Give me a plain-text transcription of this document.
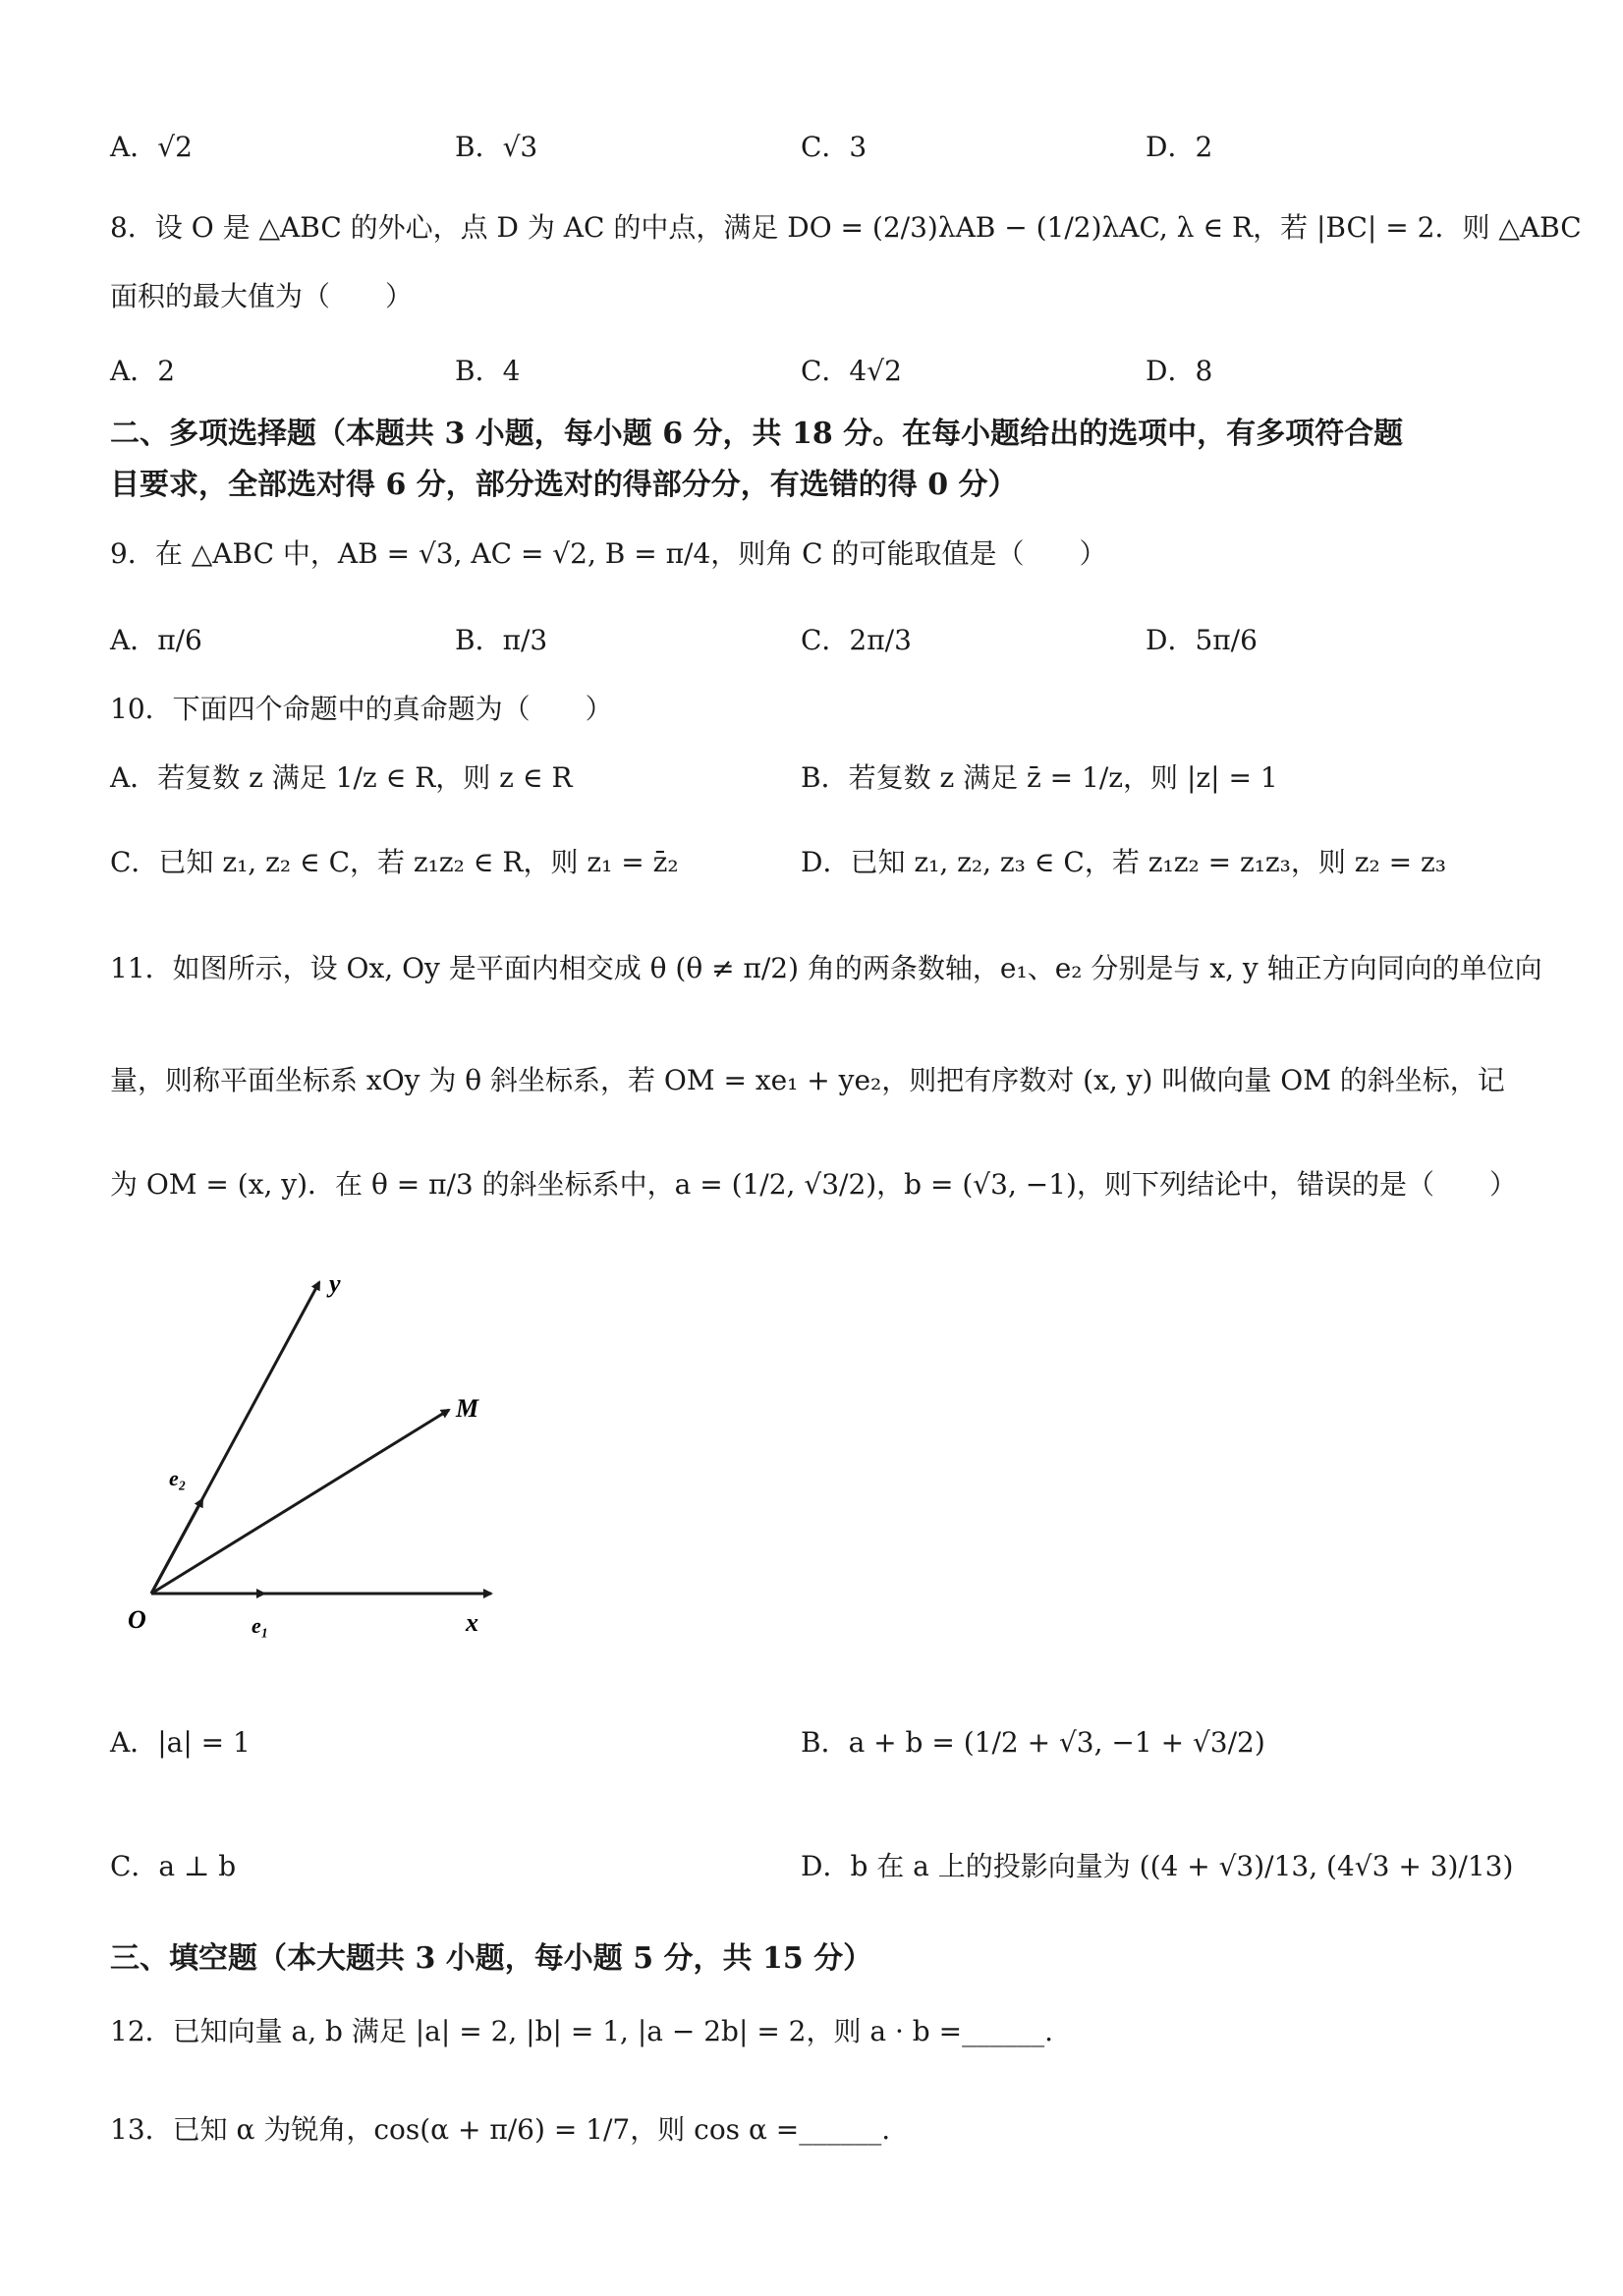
A．√2	B．√3	C．3	D．2
8．设 O 是 △ABC 的外心，点 D 为 AC 的中点，满足 DO = (2/3)λAB − (1/2)λAC, λ ∈ R，若 |BC| = 2．则 △ABC
面积的最大值为（　　）
A．2	B．4	C．4√2	D．8
二、多项选择题（本题共 3 小题，每小题 6 分，共 18 分。在每小题给出的选项中，有多项符合题
目要求，全部选对得 6 分，部分选对的得部分分，有选错的得 0 分）
9．在 △ABC 中，AB = √3, AC = √2, B = π/4，则角 C 的可能取值是（　　）
A．π/6	B．π/3	C．2π/3	D．5π/6
10．下面四个命题中的真命题为（　　）
A．若复数 z 满足 1/z ∈ R，则 z ∈ R	B．若复数 z 满足 z̄ = 1/z，则 |z| = 1
C．已知 z₁, z₂ ∈ C，若 z₁z₂ ∈ R，则 z₁ = z̄₂	D．已知 z₁, z₂, z₃ ∈ C，若 z₁z₂ = z₁z₃，则 z₂ = z₃
11．如图所示，设 Ox, Oy 是平面内相交成 θ (θ ≠ π/2) 角的两条数轴，e₁、e₂ 分别是与 x, y 轴正方向同向的单位向
量，则称平面坐标系 xOy 为 θ 斜坐标系，若 OM = xe₁ + ye₂，则把有序数对 (x, y) 叫做向量 OM 的斜坐标，记
为 OM = (x, y)．在 θ = π/3 的斜坐标系中，a = (1/2, √3/2)，b = (√3, −1)，则下列结论中，错误的是（　　）
y
M
O	x
e₁
e₂
A．|a| = 1	B．a + b = (1/2 + √3, −1 + √3/2)
C．a ⊥ b	D．b 在 a 上的投影向量为 ((4 + √3)/13, (4√3 + 3)/13)
三、填空题（本大题共 3 小题，每小题 5 分，共 15 分）
12．已知向量 a, b 满足 |a| = 2, |b| = 1, |a − 2b| = 2，则 a · b =______.
13．已知 α 为锐角，cos(α + π/6) = 1/7，则 cos α =______.
